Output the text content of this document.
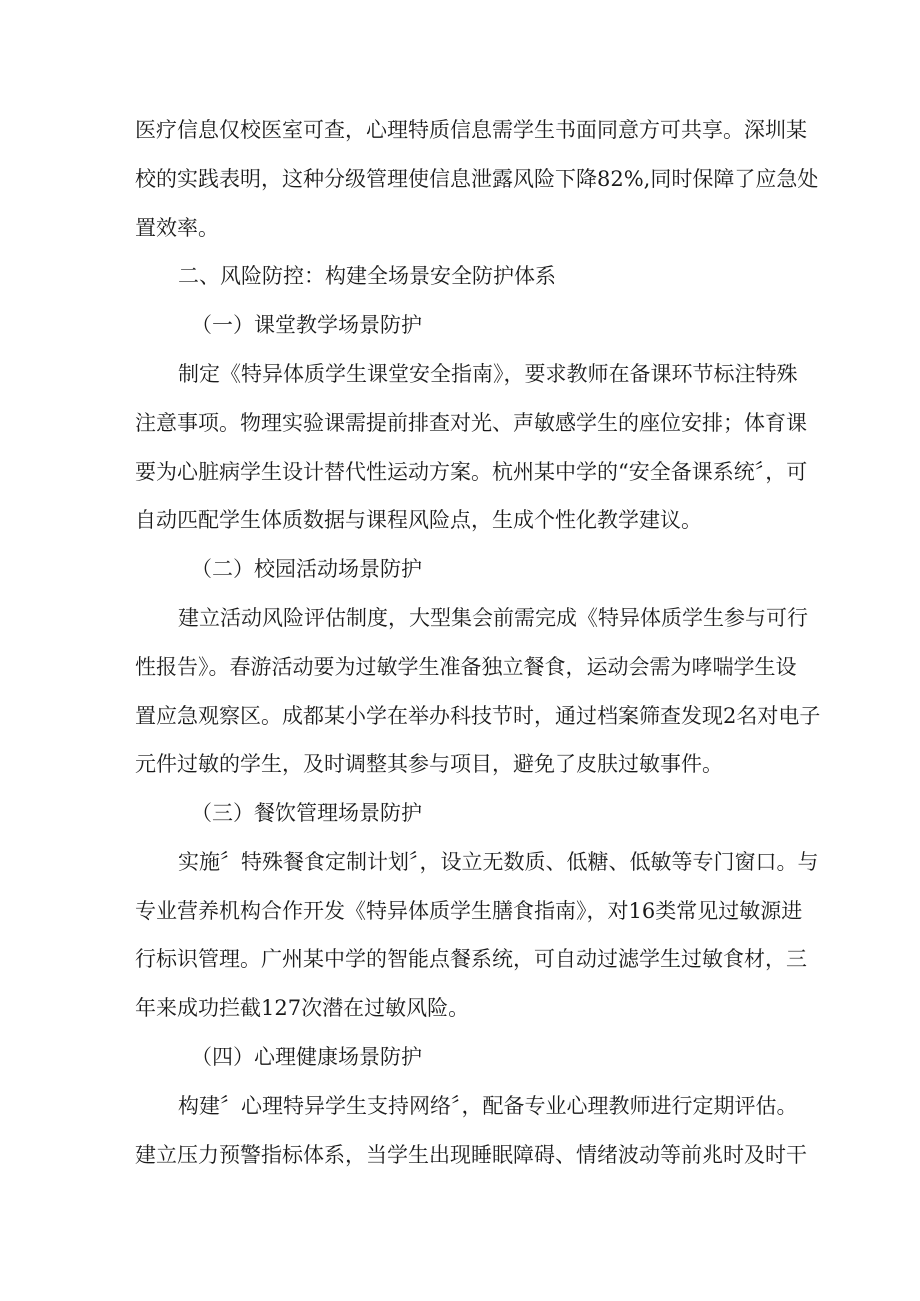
医疗信息仅校医室可查，心理特质信息需学生书面同意方可共享。深圳某

校的实践表明，这种分级管理使信息泄露风险下降82%,同时保障了应急处

置效率。

二、风险防控：构建全场景安全防护体系

（一）课堂教学场景防护

制定《特异体质学生课堂安全指南》，要求教师在备课环节标注特殊

注意事项。物理实验课需提前排查对光、声敏感学生的座位安排；体育课

要为心脏病学生设计替代性运动方案。杭州某中学的“安全备课系统〞，可

自动匹配学生体质数据与课程风险点，生成个性化教学建议。

（二）校园活动场景防护

建立活动风险评估制度，大型集会前需完成《特异体质学生参与可行

性报告》。春游活动要为过敏学生准备独立餐食，运动会需为哮喘学生设

置应急观察区。成都某小学在举办科技节时，通过档案筛查发现2名对电子

元件过敏的学生，及时调整其参与项目，避免了皮肤过敏事件。

（三）餐饮管理场景防护

实施〞特殊餐食定制计划〞，设立无数质、低糖、低敏等专门窗口。与

专业营养机构合作开发《特异体质学生膳食指南》，对16类常见过敏源进

行标识管理。广州某中学的智能点餐系统，可自动过滤学生过敏食材，三

年来成功拦截127次潜在过敏风险。

（四）心理健康场景防护

构建〞心理特异学生支持网络〞，配备专业心理教师进行定期评估。

建立压力预警指标体系，当学生出现睡眠障碍、情绪波动等前兆时及时干
